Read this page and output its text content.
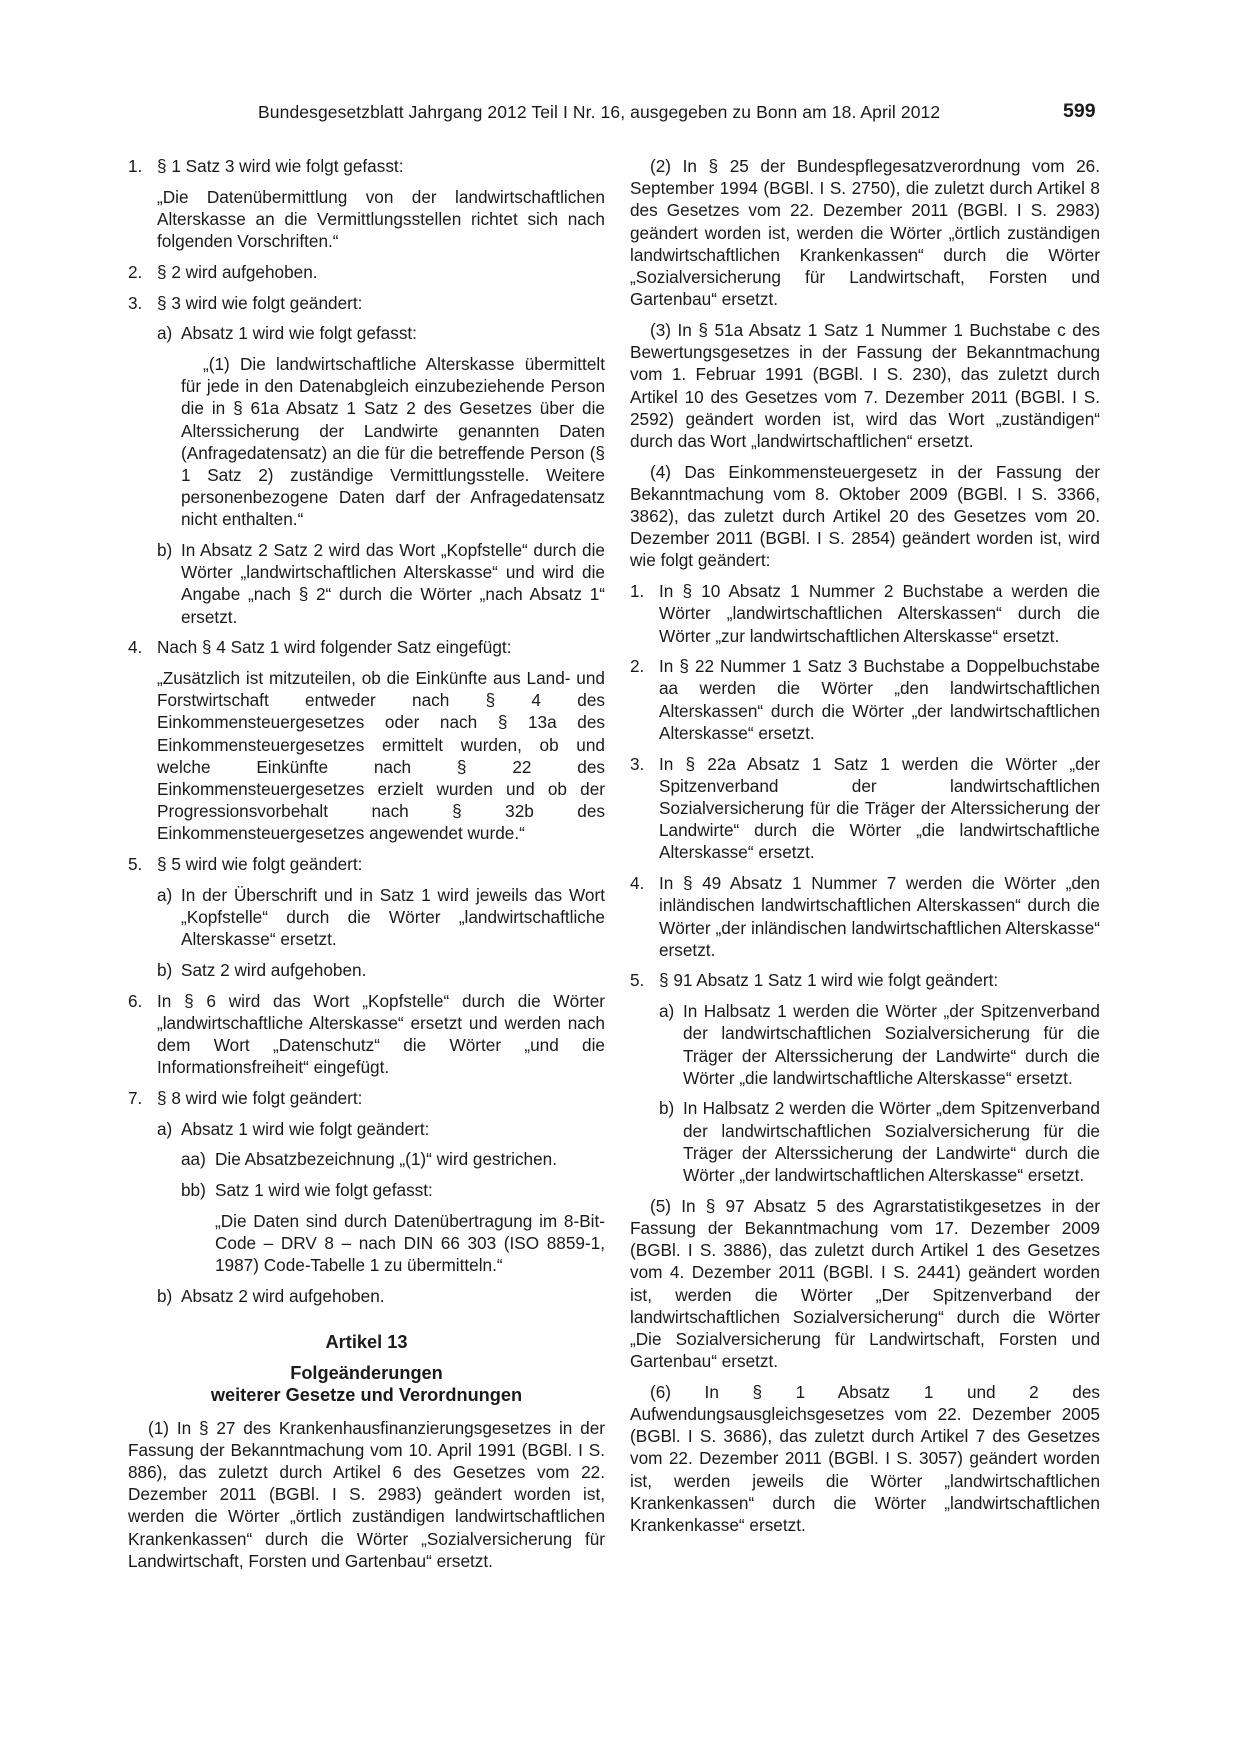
Bundesgesetzblatt Jahrgang 2012 Teil I Nr. 16, ausgegeben zu Bonn am 18. April 2012	599
1. § 1 Satz 3 wird wie folgt gefasst:

„Die Datenübermittlung von der landwirtschaftlichen Alterskasse an die Vermittlungsstellen richtet sich nach folgenden Vorschriften.“

2. § 2 wird aufgehoben.
3. § 3 wird wie folgt geändert:
a) Absatz 1 wird wie folgt gefasst:

„(1) Die landwirtschaftliche Alterskasse übermittelt für jede in den Datenabgleich einzubeziehende Person die in § 61a Absatz 1 Satz 2 des Gesetzes über die Alterssicherung der Landwirte genannten Daten (Anfragedatensatz) an die für die betreffende Person (§ 1 Satz 2) zuständige Vermittlungsstelle. Weitere personenbezogene Daten darf der Anfragedatensatz nicht enthalten.“

b) In Absatz 2 Satz 2 wird das Wort „Kopfstelle“ durch die Wörter „landwirtschaftlichen Alterskasse“ und wird die Angabe „nach § 2“ durch die Wörter „nach Absatz 1“ ersetzt.
4. Nach § 4 Satz 1 wird folgender Satz eingefügt:

„Zusätzlich ist mitzuteilen, ob die Einkünfte aus Land- und Forstwirtschaft entweder nach § 4 des Einkommensteuergesetzes oder nach § 13a des Einkommensteuergesetzes ermittelt wurden, ob und welche Einkünfte nach § 22 des Einkommensteuergesetzes erzielt wurden und ob der Progressionsvorbehalt nach § 32b des Einkommensteuergesetzes angewendet wurde.“

5. § 5 wird wie folgt geändert:
a) In der Überschrift und in Satz 1 wird jeweils das Wort „Kopfstelle“ durch die Wörter „landwirtschaftliche Alterskasse“ ersetzt.
b) Satz 2 wird aufgehoben.
6. In § 6 wird das Wort „Kopfstelle“ durch die Wörter „landwirtschaftliche Alterskasse“ ersetzt und werden nach dem Wort „Datenschutz“ die Wörter „und die Informationsfreiheit“ eingefügt.
7. § 8 wird wie folgt geändert:
a) Absatz 1 wird wie folgt geändert:
aa) Die Absatzbezeichnung „(1)“ wird gestrichen.
bb) Satz 1 wird wie folgt gefasst:

„Die Daten sind durch Datenübertragung im 8-Bit-Code – DRV 8 – nach DIN 66 303 (ISO 8859-1, 1987) Code-Tabelle 1 zu übermitteln.“

b) Absatz 2 wird aufgehoben.
Artikel 13
Folgeänderungen
weiterer Gesetze und Verordnungen

(1) In § 27 des Krankenhausfinanzierungsgesetzes in der Fassung der Bekanntmachung vom 10. April 1991 (BGBl. I S. 886), das zuletzt durch Artikel 6 des Gesetzes vom 22. Dezember 2011 (BGBl. I S. 2983) geändert worden ist, werden die Wörter „örtlich zuständigen landwirtschaftlichen Krankenkassen“ durch die Wörter „Sozialversicherung für Landwirtschaft, Forsten und Gartenbau“ ersetzt.

(2) In § 25 der Bundespflegesatzverordnung vom 26. September 1994 (BGBl. I S. 2750), die zuletzt durch Artikel 8 des Gesetzes vom 22. Dezember 2011 (BGBl. I S. 2983) geändert worden ist, werden die Wörter „örtlich zuständigen landwirtschaftlichen Krankenkassen“ durch die Wörter „Sozialversicherung für Landwirtschaft, Forsten und Gartenbau“ ersetzt.

(3) In § 51a Absatz 1 Satz 1 Nummer 1 Buchstabe c des Bewertungsgesetzes in der Fassung der Bekanntmachung vom 1. Februar 1991 (BGBl. I S. 230), das zuletzt durch Artikel 10 des Gesetzes vom 7. Dezember 2011 (BGBl. I S. 2592) geändert worden ist, wird das Wort „zuständigen“ durch das Wort „landwirtschaftlichen“ ersetzt.

(4) Das Einkommensteuergesetz in der Fassung der Bekanntmachung vom 8. Oktober 2009 (BGBl. I S. 3366, 3862), das zuletzt durch Artikel 20 des Gesetzes vom 20. Dezember 2011 (BGBl. I S. 2854) geändert worden ist, wird wie folgt geändert:

1. In § 10 Absatz 1 Nummer 2 Buchstabe a werden die Wörter „landwirtschaftlichen Alterskassen“ durch die Wörter „zur landwirtschaftlichen Alterskasse“ ersetzt.
2. In § 22 Nummer 1 Satz 3 Buchstabe a Doppelbuchstabe aa werden die Wörter „den landwirtschaftlichen Alterskassen“ durch die Wörter „der landwirtschaftlichen Alterskasse“ ersetzt.
3. In § 22a Absatz 1 Satz 1 werden die Wörter „der Spitzenverband der landwirtschaftlichen Sozialversicherung für die Träger der Alterssicherung der Landwirte“ durch die Wörter „die landwirtschaftliche Alterskasse“ ersetzt.
4. In § 49 Absatz 1 Nummer 7 werden die Wörter „den inländischen landwirtschaftlichen Alterskassen“ durch die Wörter „der inländischen landwirtschaftlichen Alterskasse“ ersetzt.
5. § 91 Absatz 1 Satz 1 wird wie folgt geändert:
a) In Halbsatz 1 werden die Wörter „der Spitzenverband der landwirtschaftlichen Sozialversicherung für die Träger der Alterssicherung der Landwirte“ durch die Wörter „die landwirtschaftliche Alterskasse“ ersetzt.
b) In Halbsatz 2 werden die Wörter „dem Spitzenverband der landwirtschaftlichen Sozialversicherung für die Träger der Alterssicherung der Landwirte“ durch die Wörter „der landwirtschaftlichen Alterskasse“ ersetzt.

(5) In § 97 Absatz 5 des Agrarstatistikgesetzes in der Fassung der Bekanntmachung vom 17. Dezember 2009 (BGBl. I S. 3886), das zuletzt durch Artikel 1 des Gesetzes vom 4. Dezember 2011 (BGBl. I S. 2441) geändert worden ist, werden die Wörter „Der Spitzenverband der landwirtschaftlichen Sozialversicherung“ durch die Wörter „Die Sozialversicherung für Landwirtschaft, Forsten und Gartenbau“ ersetzt.

(6) In § 1 Absatz 1 und 2 des Aufwendungsausgleichsgesetzes vom 22. Dezember 2005 (BGBl. I S. 3686), das zuletzt durch Artikel 7 des Gesetzes vom 22. Dezember 2011 (BGBl. I S. 3057) geändert worden ist, werden jeweils die Wörter „landwirtschaftlichen Krankenkassen“ durch die Wörter „landwirtschaftlichen Krankenkasse“ ersetzt.
